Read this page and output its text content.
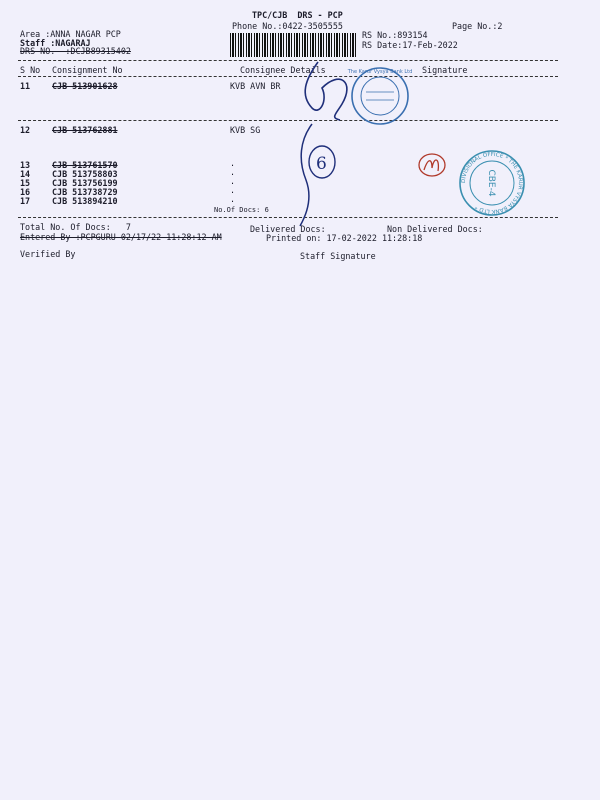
TPC/CJB  DRS - PCP
Phone No.:0422-3505555	Page No.:2
Area :ANNA NAGAR PCP
Staff :NAGARAJ
DRS NO.  :DCJB89315402
RS No.:893154
RS Date:17-Feb-2022
S No Consignment No	Consignee Details	Signature
11	CJB 513901628	KVB AVN BR
12	CJB 513762881	KVB SG
13	CJB 513761570	.
14	CJB 513758803	.
15	CJB 513756199	.
16	CJB 513738729	.
17	CJB 513894210	.
No.Of Docs: 6
Total No. Of Docs:   7	Delivered Docs:	Non Delivered Docs:
Entered By :PCPGURU 02/17/22 11:28:12 AM	Printed on: 17-02-2022 11:28:18
Verified By	Staff Signature
The Karur Vysya Bank Ltd
DIVISIONAL OFFICE * THE KARUR VYSYA BANK LTD *
CBE-4
6
